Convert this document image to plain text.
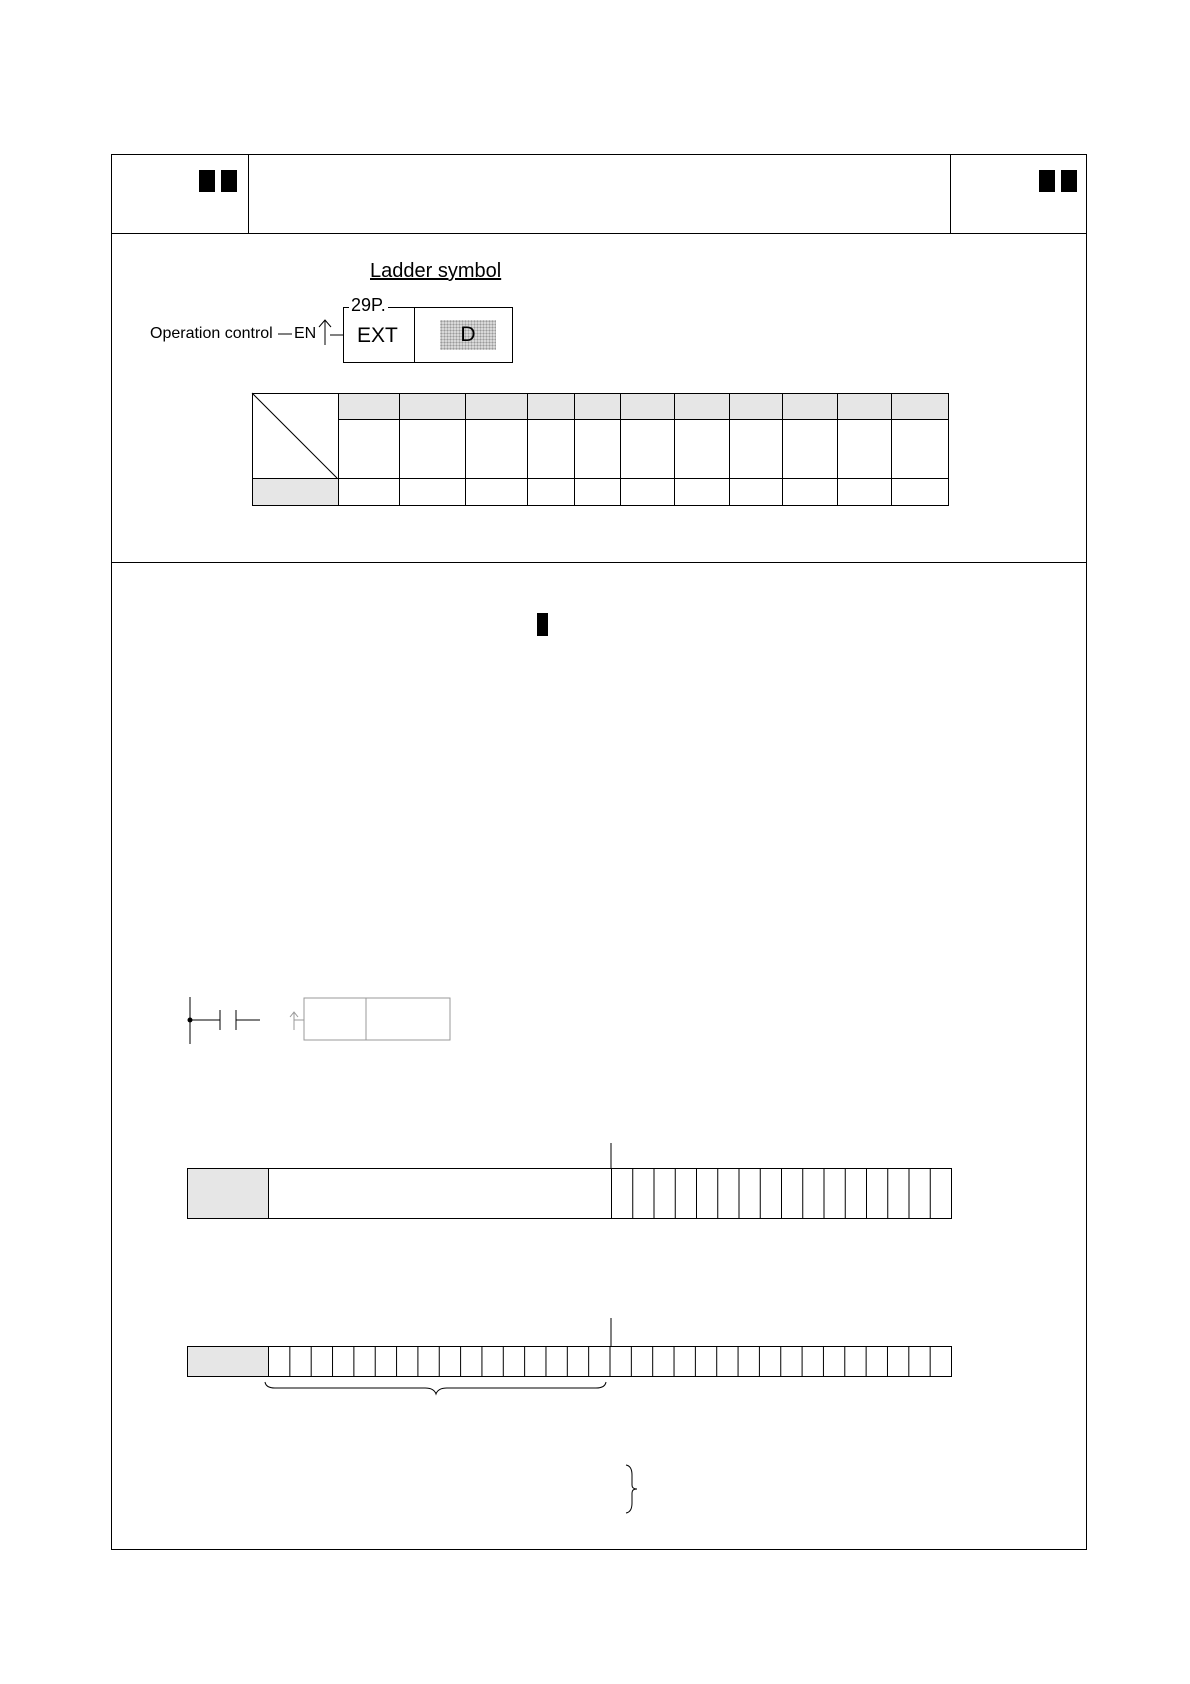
Ladder symbol
Operation control EN
29P.
EXT	D
